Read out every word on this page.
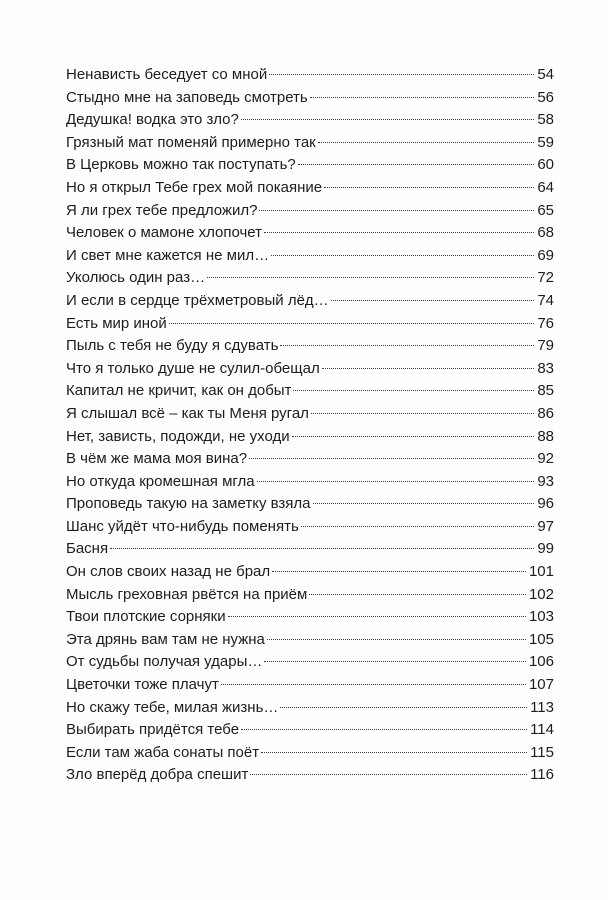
Ненависть беседует со мной	54
Стыдно мне на заповедь смотреть	56
Дедушка! водка это зло?	58
Грязный мат поменяй примерно так	59
В Церковь можно так поступать?	60
Но я открыл Тебе грех мой покаяние	64
Я ли грех тебе предложил?	65
Человек о мамоне хлопочет	68
И свет мне кажется не мил…	69
Уколюсь один раз…	72
И если в сердце трёхметровый лёд…	74
Есть мир иной	76
Пыль с тебя не буду я сдувать	79
Что я только душе не сулил-обещал	83
Капитал не кричит, как он добыт	85
Я слышал всё – как ты Меня ругал	86
Нет, зависть, подожди, не уходи	88
В чём же мама моя вина?	92
Но откуда кромешная мгла	93
Проповедь такую на заметку взяла	96
Шанс уйдёт что-нибудь поменять	97
Басня	99
Он слов своих назад не брал	101
Мысль греховная рвётся на приём	102
Твои плотские сорняки	103
Эта дрянь вам там не нужна	105
От судьбы получая удары…	106
Цветочки тоже плачут	107
Но скажу тебе, милая жизнь…	113
Выбирать придётся тебе	114
Если там жаба сонаты поёт	115
Зло вперёд добра спешит	116
